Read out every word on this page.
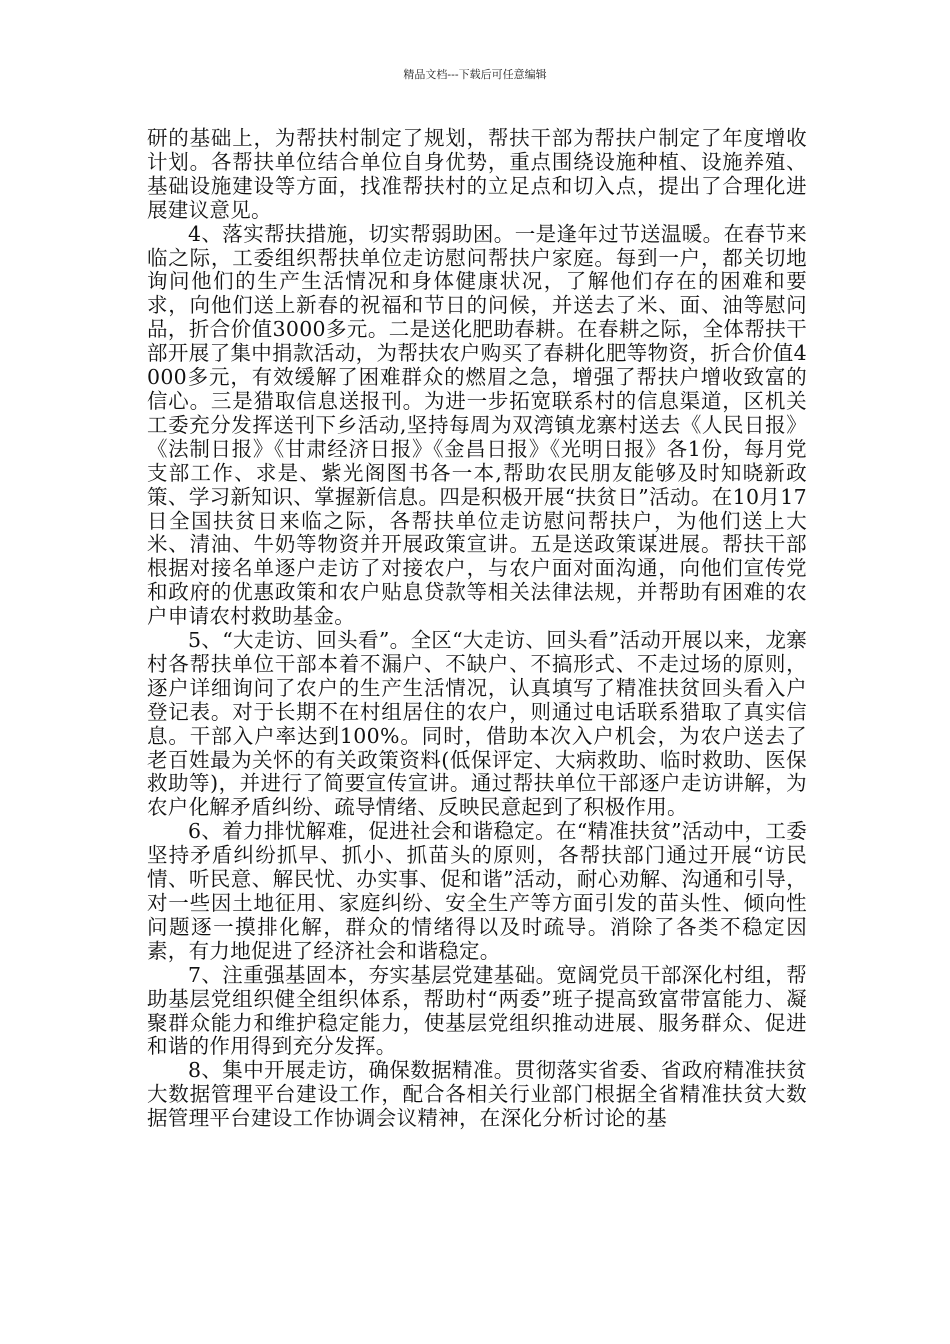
精品文档---下载后可任意编辑

研的基础上，为帮扶村制定了规划，帮扶干部为帮扶户制定了年度增收计划。各帮扶单位结合单位自身优势，重点围绕设施种植、设施养殖、基础设施建设等方面，找准帮扶村的立足点和切入点，提出了合理化进展建议意见。

4、落实帮扶措施，切实帮弱助困。一是逢年过节送温暖。在春节来临之际，工委组织帮扶单位走访慰问帮扶户家庭。每到一户，都关切地询问他们的生产生活情况和身体健康状况，了解他们存在的困难和要求，向他们送上新春的祝福和节日的问候，并送去了米、面、油等慰问品，折合价值3000多元。二是送化肥助春耕。在春耕之际，全体帮扶干部开展了集中捐款活动，为帮扶农户购买了春耕化肥等物资，折合价值4000多元，有效缓解了困难群众的燃眉之急，增强了帮扶户增收致富的信心。三是猎取信息送报刊。为进一步拓宽联系村的信息渠道，区机关工委充分发挥送刊下乡活动,坚持每周为双湾镇龙寨村送去《人民日报》《法制日报》《甘肃经济日报》《金昌日报》《光明日报》各1份，每月党支部工作、求是、紫光阁图书各一本,帮助农民朋友能够及时知晓新政策、学习新知识、掌握新信息。四是积极开展“扶贫日”活动。在10月17日全国扶贫日来临之际，各帮扶单位走访慰问帮扶户，为他们送上大米、清油、牛奶等物资并开展政策宣讲。五是送政策谋进展。帮扶干部根据对接名单逐户走访了对接农户，与农户面对面沟通，向他们宣传党和政府的优惠政策和农户贴息贷款等相关法律法规，并帮助有困难的农户申请农村救助基金。

5、“大走访、回头看”。全区“大走访、回头看”活动开展以来，龙寨村各帮扶单位干部本着不漏户、不缺户、不搞形式、不走过场的原则，逐户详细询问了农户的生产生活情况，认真填写了精准扶贫回头看入户登记表。对于长期不在村组居住的农户，则通过电话联系猎取了真实信息。干部入户率达到100%。同时，借助本次入户机会，为农户送去了老百姓最为关怀的有关政策资料(低保评定、大病救助、临时救助、医保救助等)，并进行了简要宣传宣讲。通过帮扶单位干部逐户走访讲解，为农户化解矛盾纠纷、疏导情绪、反映民意起到了积极作用。

6、着力排忧解难，促进社会和谐稳定。在“精准扶贫”活动中，工委坚持矛盾纠纷抓早、抓小、抓苗头的原则，各帮扶部门通过开展“访民情、听民意、解民忧、办实事、促和谐”活动，耐心劝解、沟通和引导，对一些因土地征用、家庭纠纷、安全生产等方面引发的苗头性、倾向性问题逐一摸排化解，群众的情绪得以及时疏导。消除了各类不稳定因素，有力地促进了经济社会和谐稳定。

7、注重强基固本，夯实基层党建基础。宽阔党员干部深化村组，帮助基层党组织健全组织体系，帮助村“两委”班子提高致富带富能力、凝聚群众能力和维护稳定能力，使基层党组织推动进展、服务群众、促进和谐的作用得到充分发挥。

8、集中开展走访，确保数据精准。贯彻落实省委、省政府精准扶贫大数据管理平台建设工作，配合各相关行业部门根据全省精准扶贫大数据管理平台建设工作协调会议精神，在深化分析讨论的基
